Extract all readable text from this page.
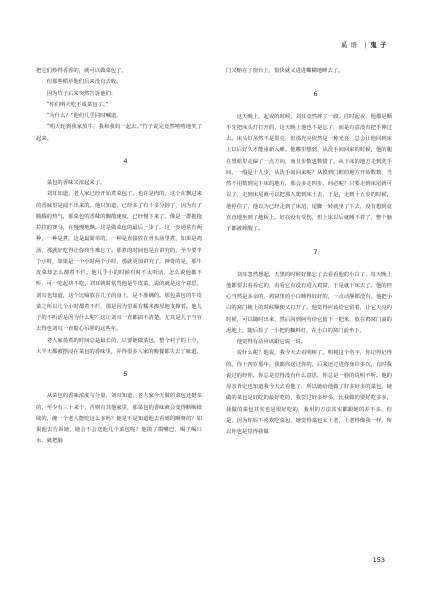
奚 语 | 鬼 子

把它们炒得香香的，就可以做菜包了。

但那些稻草他们后来没有去收。

因为竹子后来突然告诉他们：

“你们明天吃不成菜包了。”

“为什么？”他们几乎同时喊道。

“明天轮到我家放牛，我和我妈一起去。”竹子说完竟然嘻嘻地笑了起来。

4

菜包的香味又浓起来了。

刘耳知道，老人家已经开始煮菜包了。也许是肉的，这个在飘过来的香味里是闻不出来的。他只知道，已经多了有十多分钟了，因为有了腾腾的热气，那菜包的香味的飘散速度，已经慢下来了。像是一群拖拖拉拉的赛马，在慢慢地飘。这是做菜包的最后一步了。这一步通常有两种，一种是煮，这是最简单的，一种是直接放在骨头汤里煮，如果是鸡汤，那就好吃得让你终生难忘了。那煮的时间也是有讲究的，至少要半个小时，如果是一个小时两个小时，那就更加讲究了。神奇的是，那牛皮菜却怎么都煮不烂。他几乎小的时候有时不太听话，怎么说他都不听，可一吃起块不吃，刘耳就时常骂他是牛皮菜。说的就是这个意思。刘耳也知道，这个比喻放在儿子的身上，是不准确的。那包菜包的牛皮菜之所以几个小时都煮不烂，那是因为里面有糯米掺厚地支撑着。他儿子的不听话是因为什么呢？这让刘耳一直都搞不清楚。尤其是儿子当官去得也刘耳一直搅心吊胆的这些年。

老人家蒸煮的时间总是最长的，只要她做菜包，整个村子的上空，大半天都被摆浸在菜包的香味里，弄得很多人家的晚餐都失去了味道。

5

从菜包的香味浓度与分量，刘耳知道，老人家今天做的菜包还挺多的，至少有三十来个，否则有其他家里，那菜包的香味就会变得断断续续的，缠一个老人能吃这么多吗？她是不是知道他去看她的啊呀的？如果他去告诉她，她会不会送他几个菜包呢？他摸了摸嘴巴，喝了喝口水，就把脑

门又缩在了窗台上，很快就又进进糊糊地睡去了。

6

这天晚上，起夜的时候，刘耳竟然摔了一跤。往时起夜，他都是顺手先把床头灯打开的，这天晚上他也不是忘了，而是有意没有把手伸过去。床头灯虽然不是很亮，但那光亮依然是一种光亮，总会让他回到床上以后好久才能重新入睡。他哪里想到，从洗手间回来的时候，他的腿在黑暗里走偏了一点方向，而且步数也数错了。从下床的地方走到洗手间，一般是十九步，从洗手间回来呢？从摸到门框的地方开始数数，当然不用数到完下床的地方，那会多走四步，何必呢？只要走到床尾就可以了，走到床尾就可以把那人爬到床上去，于是，走到十五步的时候，他停住了，他以为已经走到了床尾，尾脚一转就坐了下去，没有想到竟直直地坐到了地板上。好在没有受伤，但上床以后就睡不着了，整个脑子都被摔醒了。

7

刘耳忽然想起，天黑的时候好像忘了去看看他的小白了。每天晚上他都要去看看它的，看看它有没有进入鸡窝，于是就下床去了。他的担心当然是多余的，鸡窝里的小白睡得好好的，一点动静都没有。他把小白的窝门掩上的时候顺便又打开了。他觉得应该给它留着，让它天亮的时候，可以随时出来，然后回到阿劳给它留下一把米，放在鸡窝门前的泥地上，随后捡了一小把的糠料灯，在小白的窝门前坐下。

他觉得有话应该跟它说一说。

说什么呢？他说，我今天去看明树了。明树这个名字，你记得记得的。你十四岁那年，我都你送过你的，后来还过进你身许多次，有时我说过的经你。你总是觉得没有什么意思，你总是一脸的说明不听。他的母亲肯定也知道我今天去看他了，所以她给他做了好多好多的菜包。她做的菜包是好吃的最好吃的，我尝过好多好多，比我做的要好吃多多，我做的菜包其实也是很好吃的，我用的方法其实都跟她的差不多，但是，因为你妈不喜欢吃菜包，她觉得菜包太土老，土老得像我一样，所以你也是觉得我做

153
